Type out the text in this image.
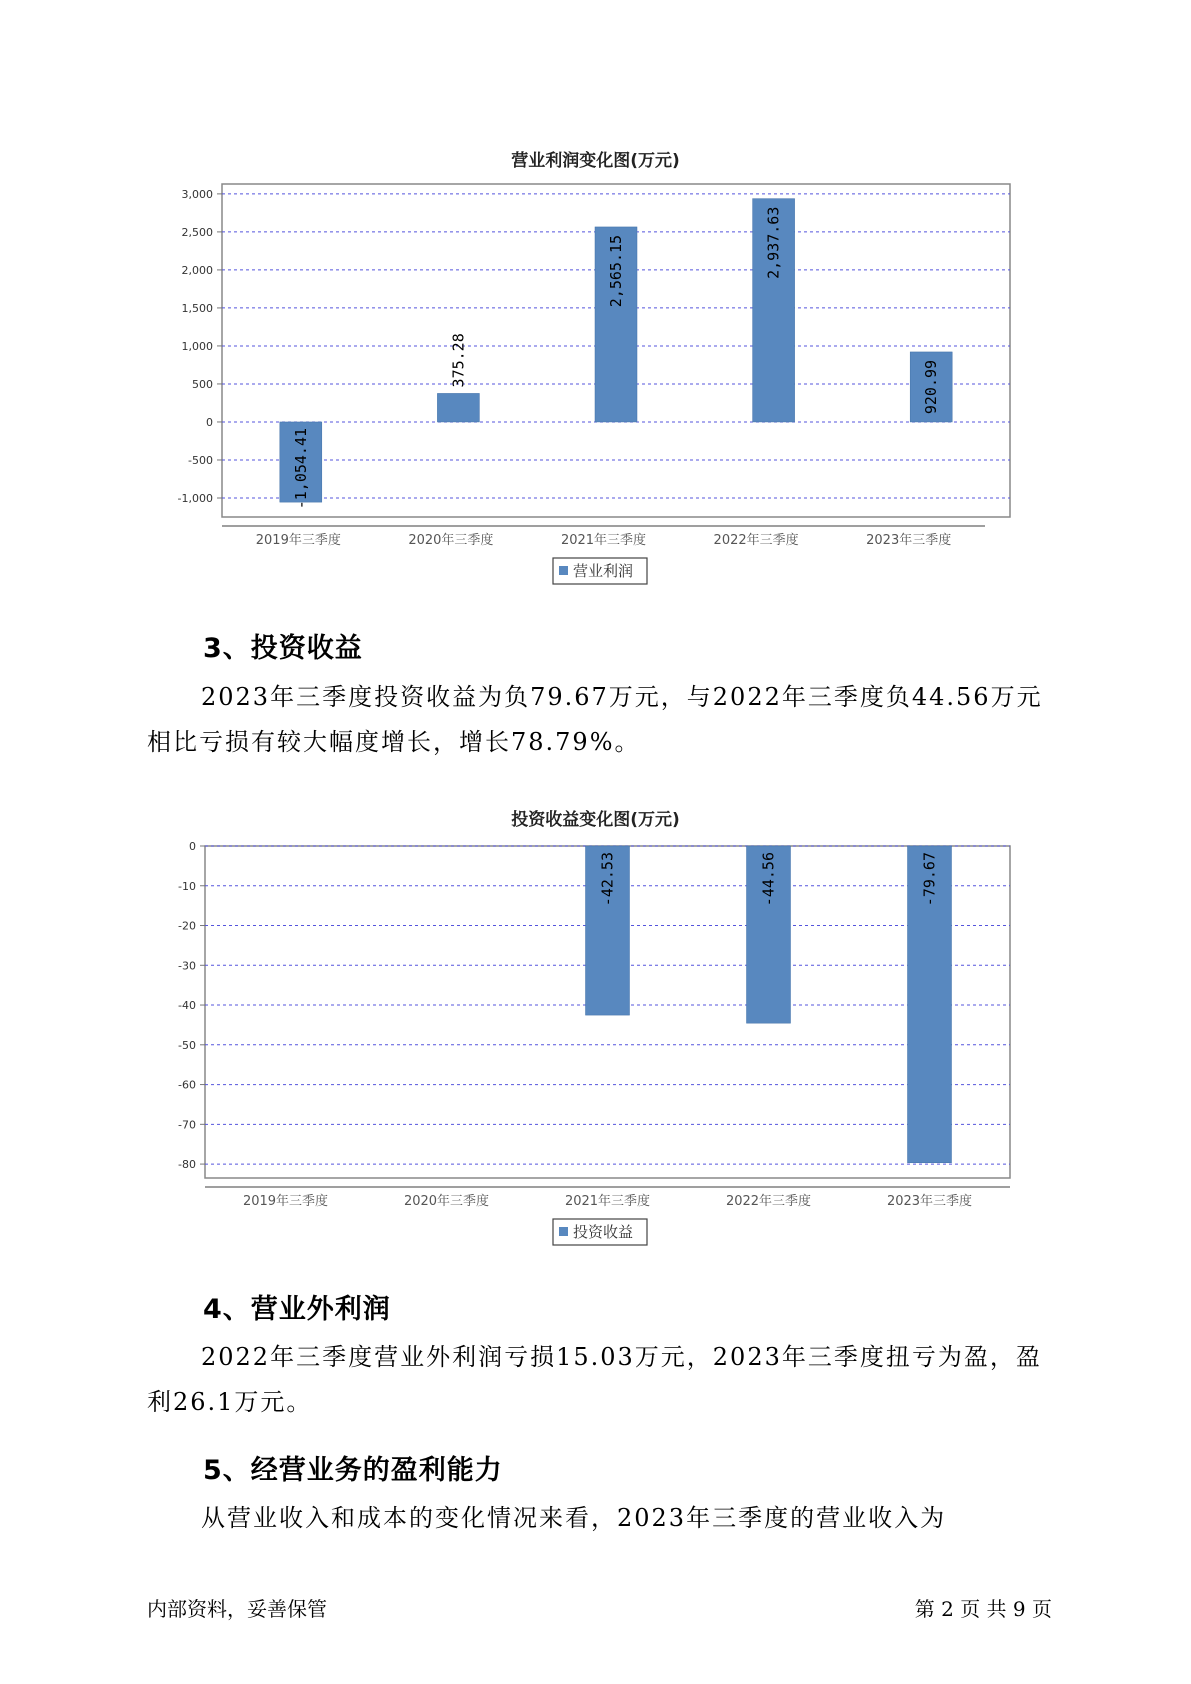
营业利润变化图(万元)
3,000
2,500
2,000
1,500
1,000
500
0
-500
-1,000	-1,054.41
375.28
2,565.15	2,937.63
920.99
2019年三季度	2020年三季度	2021年三季度	2022年三季度	2023年三季度
营业利润
3、投资收益
2023年三季度投资收益为负79.67万元，与2022年三季度负44.56万元
相比亏损有较大幅度增长，增长78.79%。
投资收益变化图(万元)
0
-10
-20
-30
-40
-50
-60
-70
-80
-42.53	-44.56	-79.67
2019年三季度	2020年三季度	2021年三季度	2022年三季度	2023年三季度
投资收益
4、营业外利润
2022年三季度营业外利润亏损15.03万元，2023年三季度扭亏为盈，盈
利26.1万元。
5、经营业务的盈利能力
从营业收入和成本的变化情况来看，2023年三季度的营业收入为
内部资料，妥善保管	第 2 页 共 9 页
